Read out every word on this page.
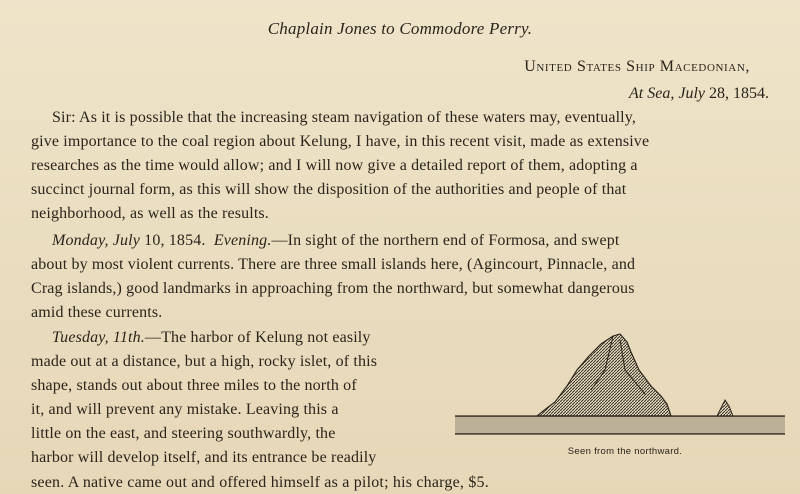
Chaplain Jones to Commodore Perry.
United States Ship Macedonian,
At Sea, July 28, 1854.
Sir: As it is possible that the increasing steam navigation of these waters may, eventually,
give importance to the coal region about Kelung, I have, in this recent visit, made as extensive
researches as the time would allow; and I will now give a detailed report of them, adopting a
succinct journal form, as this will show the disposition of the authorities and people of that
neighborhood, as well as the results.
Monday, July 10, 1854. Evening.—In sight of the northern end of Formosa, and swept
about by most violent currents. There are three small islands here, (Agincourt, Pinnacle, and
Crag islands,) good landmarks in approaching from the northward, but somewhat dangerous
amid these currents.
Tuesday, 11th.—The harbor of Kelung not easily
made out at a distance, but a high, rocky islet, of this
shape, stands out about three miles to the north of
it, and will prevent any mistake. Leaving this a
little on the east, and steering southwardly, the
harbor will develop itself, and its entrance be readily	Seen from the northward.
seen. A native came out and offered himself as a pilot; his charge, $5.
